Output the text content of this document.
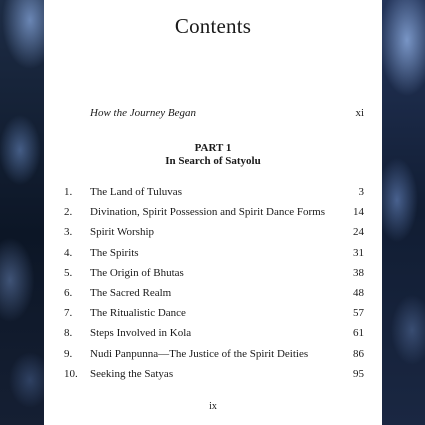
Contents
How the Journey Began	xi
PART 1
In Search of Satyolu
1. The Land of Tuluvas	3
2. Divination, Spirit Possession and Spirit Dance Forms	14
3. Spirit Worship	24
4. The Spirits	31
5. The Origin of Bhutas	38
6. The Sacred Realm	48
7. The Ritualistic Dance	57
8. Steps Involved in Kola	61
9. Nudi Panpunna—The Justice of the Spirit Deities	86
10. Seeking the Satyas	95
ix
